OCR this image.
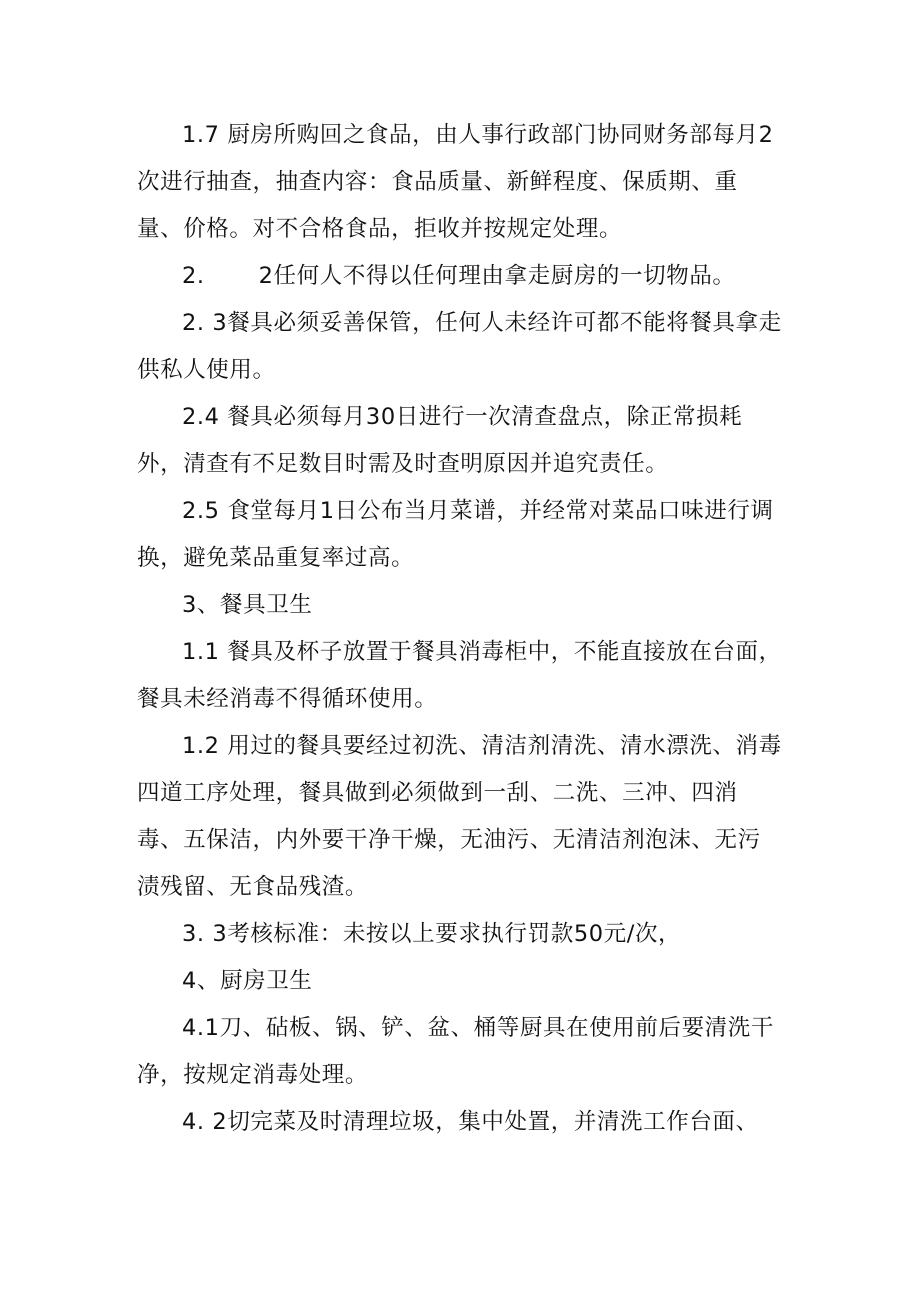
1.7 厨房所购回之食品，由人事行政部门协同财务部每月2次进行抽查，抽查内容：食品质量、新鲜程度、保质期、重量、价格。对不合格食品，拒收并按规定处理。

2.　　 2任何人不得以任何理由拿走厨房的一切物品。

2. 3餐具必须妥善保管，任何人未经许可都不能将餐具拿走供私人使用。

2.4 餐具必须每月30日进行一次清查盘点，除正常损耗外，清查有不足数目时需及时查明原因并追究责任。

2.5 食堂每月1日公布当月菜谱，并经常对菜品口味进行调换，避免菜品重复率过高。

3、餐具卫生

1.1 餐具及杯子放置于餐具消毒柜中，不能直接放在台面，餐具未经消毒不得循环使用。

1.2 用过的餐具要经过初洗、清洁剂清洗、清水漂洗、消毒四道工序处理，餐具做到必须做到一刮、二洗、三冲、四消毒、五保洁，内外要干净干燥，无油污、无清洁剂泡沫、无污渍残留、无食品残渣。

3. 3考核标准：未按以上要求执行罚款50元/次，

4、厨房卫生

4.1刀、砧板、锅、铲、盆、桶等厨具在使用前后要清洗干净，按规定消毒处理。

4. 2切完菜及时清理垃圾，集中处置，并清洗工作台面、
